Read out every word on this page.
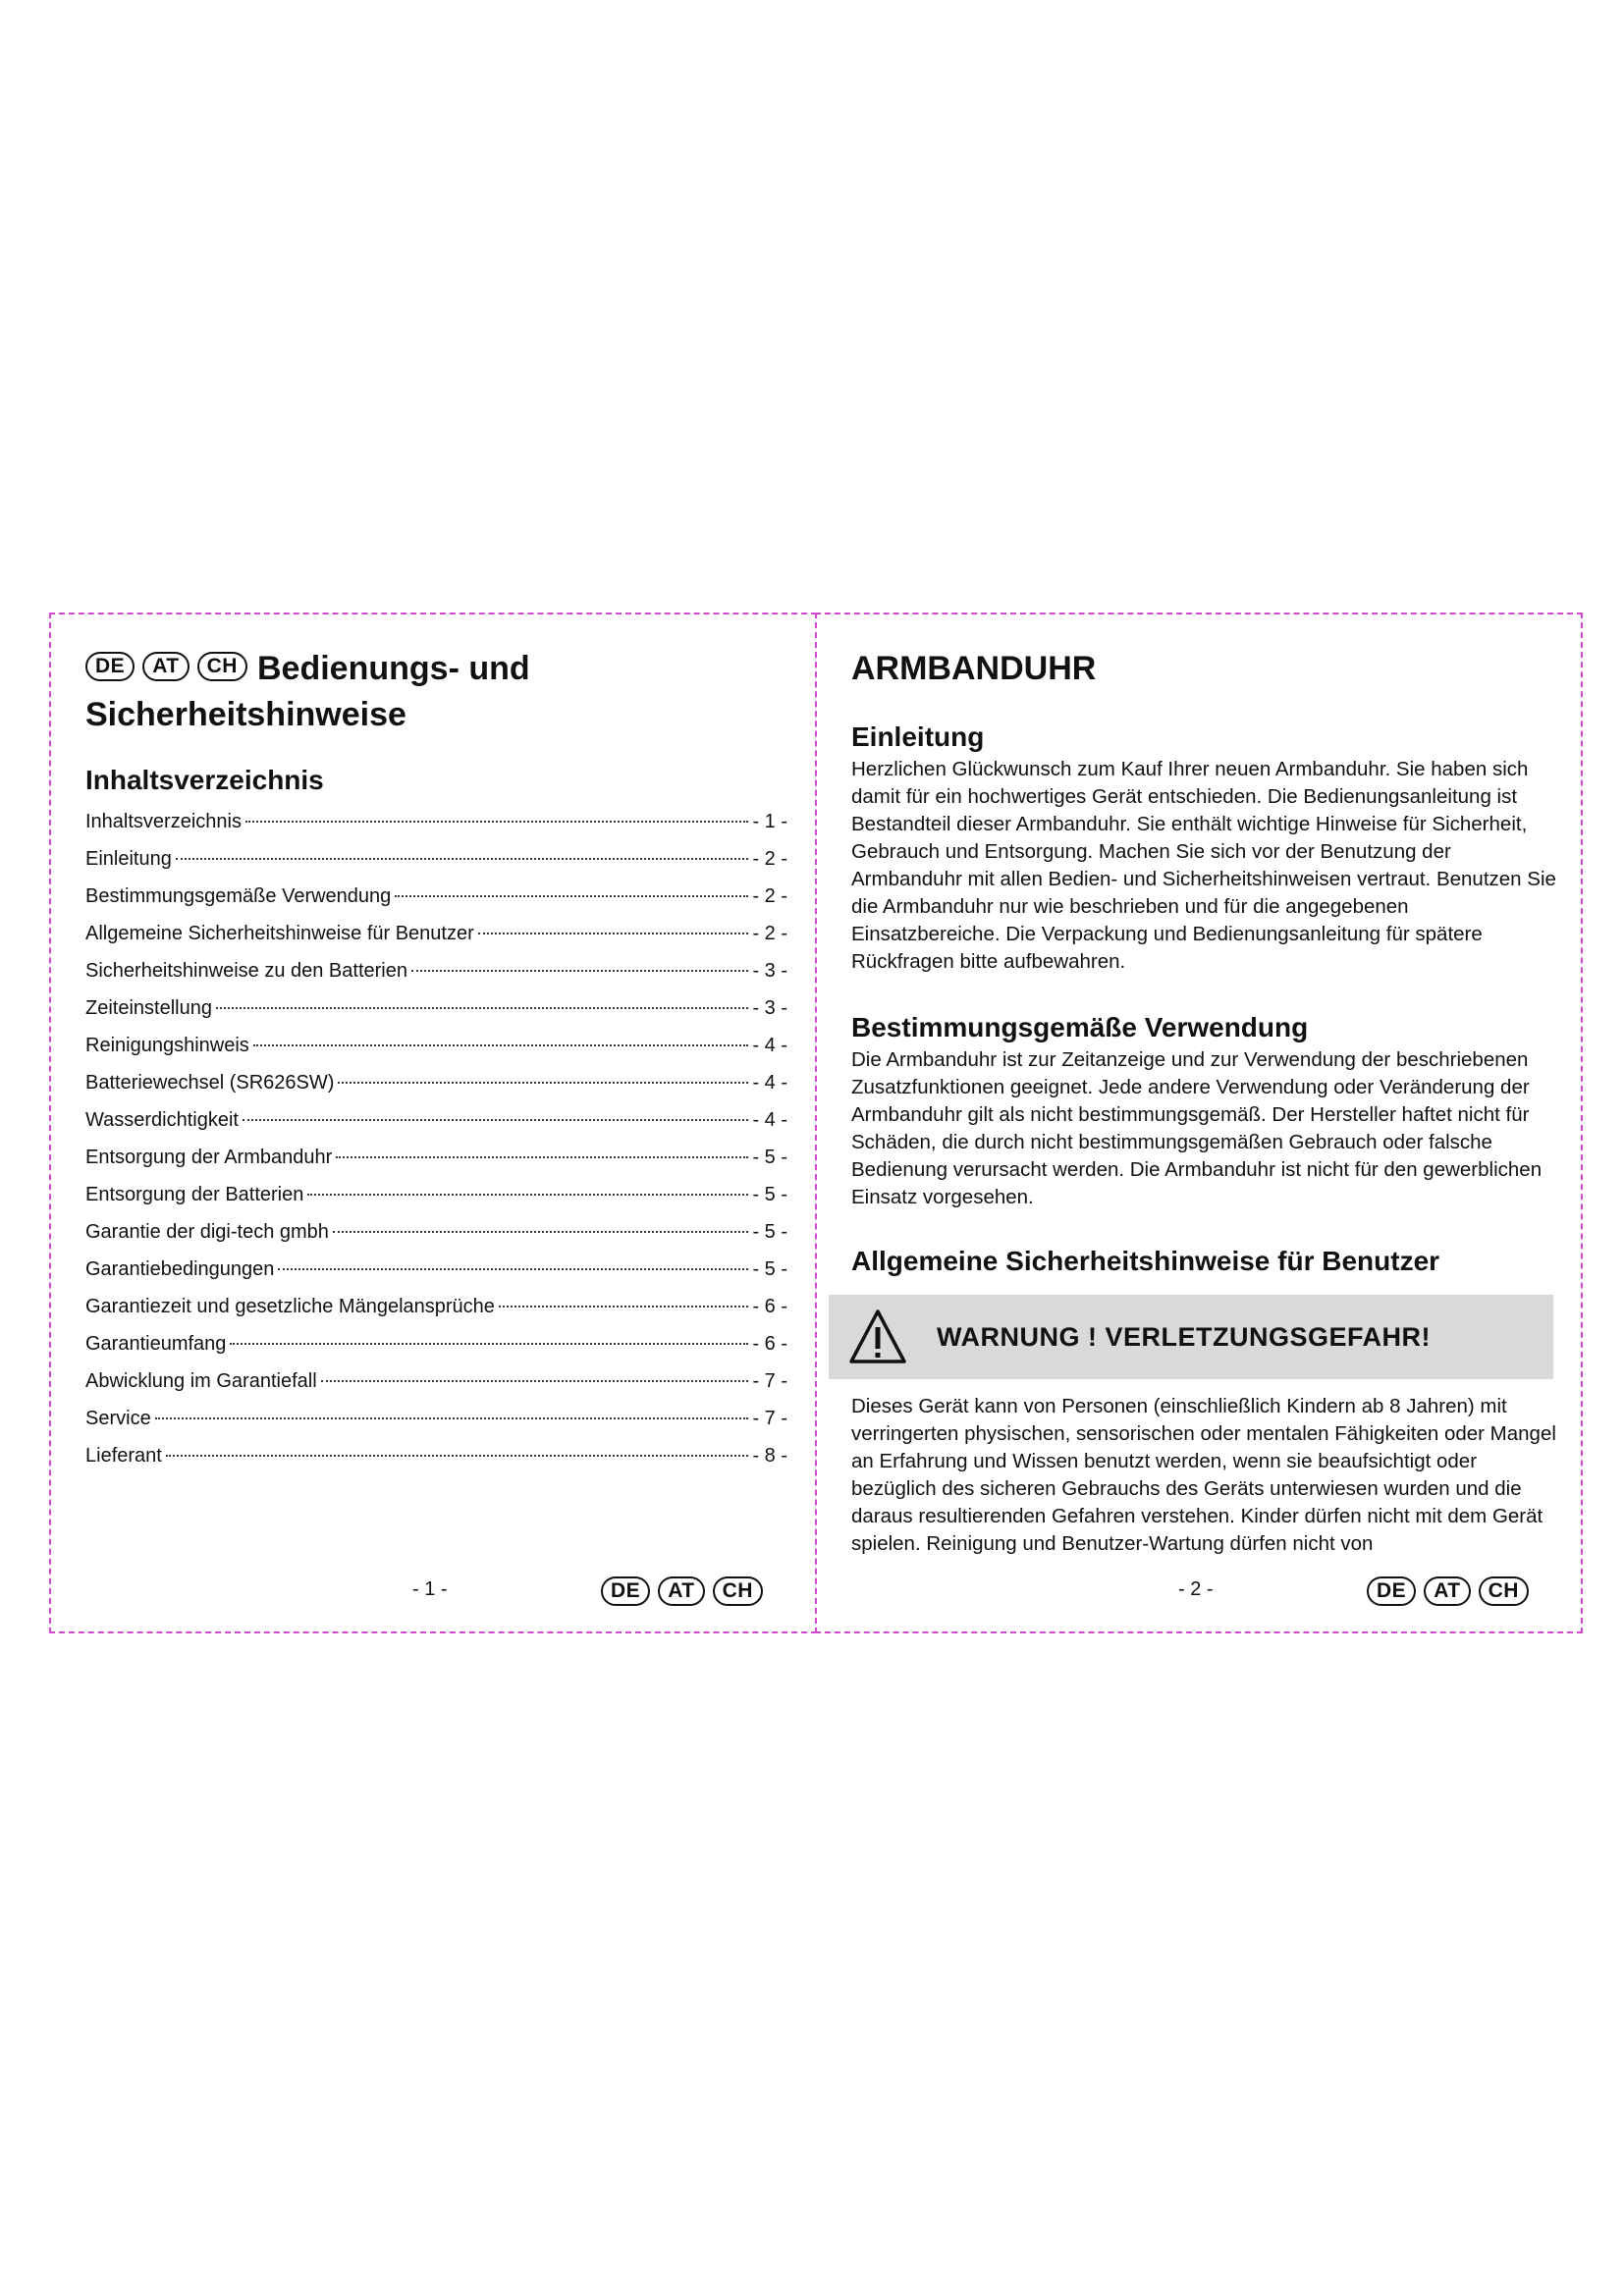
DE	AT	CH Bedienungs- und
Sicherheitshinweise
Inhaltsverzeichnis
Inhaltsverzeichnis	- 1 -
Einleitung	- 2 -
Bestimmungsgemäße Verwendung	- 2 -
Allgemeine Sicherheitshinweise für Benutzer	- 2 -
Sicherheitshinweise zu den Batterien	- 3 -
Zeiteinstellung	- 3 -
Reinigungshinweis	- 4 -
Batteriewechsel (SR626SW)	- 4 -
Wasserdichtigkeit	- 4 -
Entsorgung der Armbanduhr	- 5 -
Entsorgung der Batterien	- 5 -
Garantie der digi-tech gmbh	- 5 -
Garantiebedingungen	- 5 -
Garantiezeit und gesetzliche Mängelansprüche	- 6 -
Garantieumfang	- 6 -
Abwicklung im Garantiefall	- 7 -
Service	- 7 -
Lieferant	- 8 -
- 1 -	DE	AT	CH
ARMBANDUHR
Einleitung

Herzlichen Glückwunsch zum Kauf Ihrer neuen Armbanduhr. Sie haben sich damit für ein hochwertiges Gerät entschieden. Die Bedienungsanleitung ist Bestandteil dieser Armbanduhr. Sie enthält wichtige Hinweise für Sicherheit, Gebrauch und Entsorgung. Machen Sie sich vor der Benutzung der Armbanduhr mit allen Bedien- und Sicherheitshinweisen vertraut. Benutzen Sie die Armbanduhr nur wie beschrieben und für die angegebenen Einsatzbereiche. Die Verpackung und Bedienungsanleitung für spätere Rückfragen bitte aufbewahren.

Bestimmungsgemäße Verwendung

Die Armbanduhr ist zur Zeitanzeige und zur Verwendung der beschriebenen Zusatzfunktionen geeignet. Jede andere Verwendung oder Veränderung der Armbanduhr gilt als nicht bestimmungsgemäß. Der Hersteller haftet nicht für Schäden, die durch nicht bestimmungsgemäßen Gebrauch oder falsche Bedienung verursacht werden. Die Armbanduhr ist nicht für den gewerblichen Einsatz vorgesehen.

Allgemeine Sicherheitshinweise für Benutzer
WARNUNG ! VERLETZUNGSGEFAHR!

Dieses Gerät kann von Personen (einschließlich Kindern ab 8 Jahren) mit verringerten physischen, sensorischen oder mentalen Fähigkeiten oder Mangel an Erfahrung und Wissen benutzt werden, wenn sie beaufsichtigt oder bezüglich des sicheren Gebrauchs des Geräts unterwiesen wurden und die daraus resultierenden Gefahren verstehen. Kinder dürfen nicht mit dem Gerät spielen. Reinigung und Benutzer-Wartung dürfen nicht von

- 2 -	DE	AT	CH
